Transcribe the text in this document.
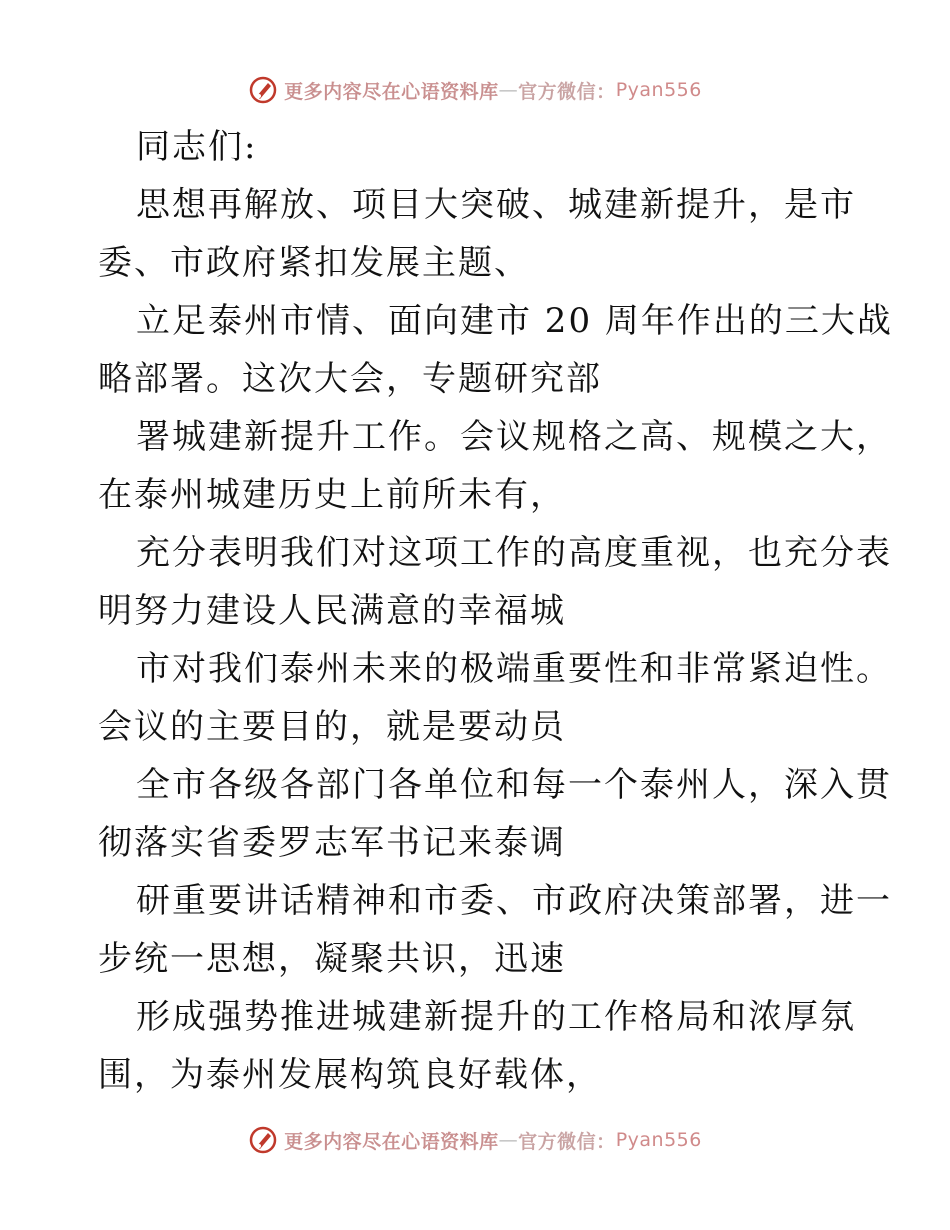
更多内容尽在心语资料库 — 官方微信： Pyan556
同志们:
思想再解放、项目大突破、城建新提升，是市
委、市政府紧扣发展主题、
立足泰州市情、面向建市 20 周年作出的三大战
略部署。这次大会，专题研究部
署城建新提升工作。会议规格之高、规模之大，
在泰州城建历史上前所未有，
充分表明我们对这项工作的高度重视，也充分表
明努力建设人民满意的幸福城
市对我们泰州未来的极端重要性和非常紧迫性。
会议的主要目的，就是要动员
全市各级各部门各单位和每一个泰州人，深入贯
彻落实省委罗志军书记来泰调
研重要讲话精神和市委、市政府决策部署，进一
步统一思想，凝聚共识，迅速
形成强势推进城建新提升的工作格局和浓厚氛
围，为泰州发展构筑良好载体，
更多内容尽在心语资料库 — 官方微信： Pyan556
